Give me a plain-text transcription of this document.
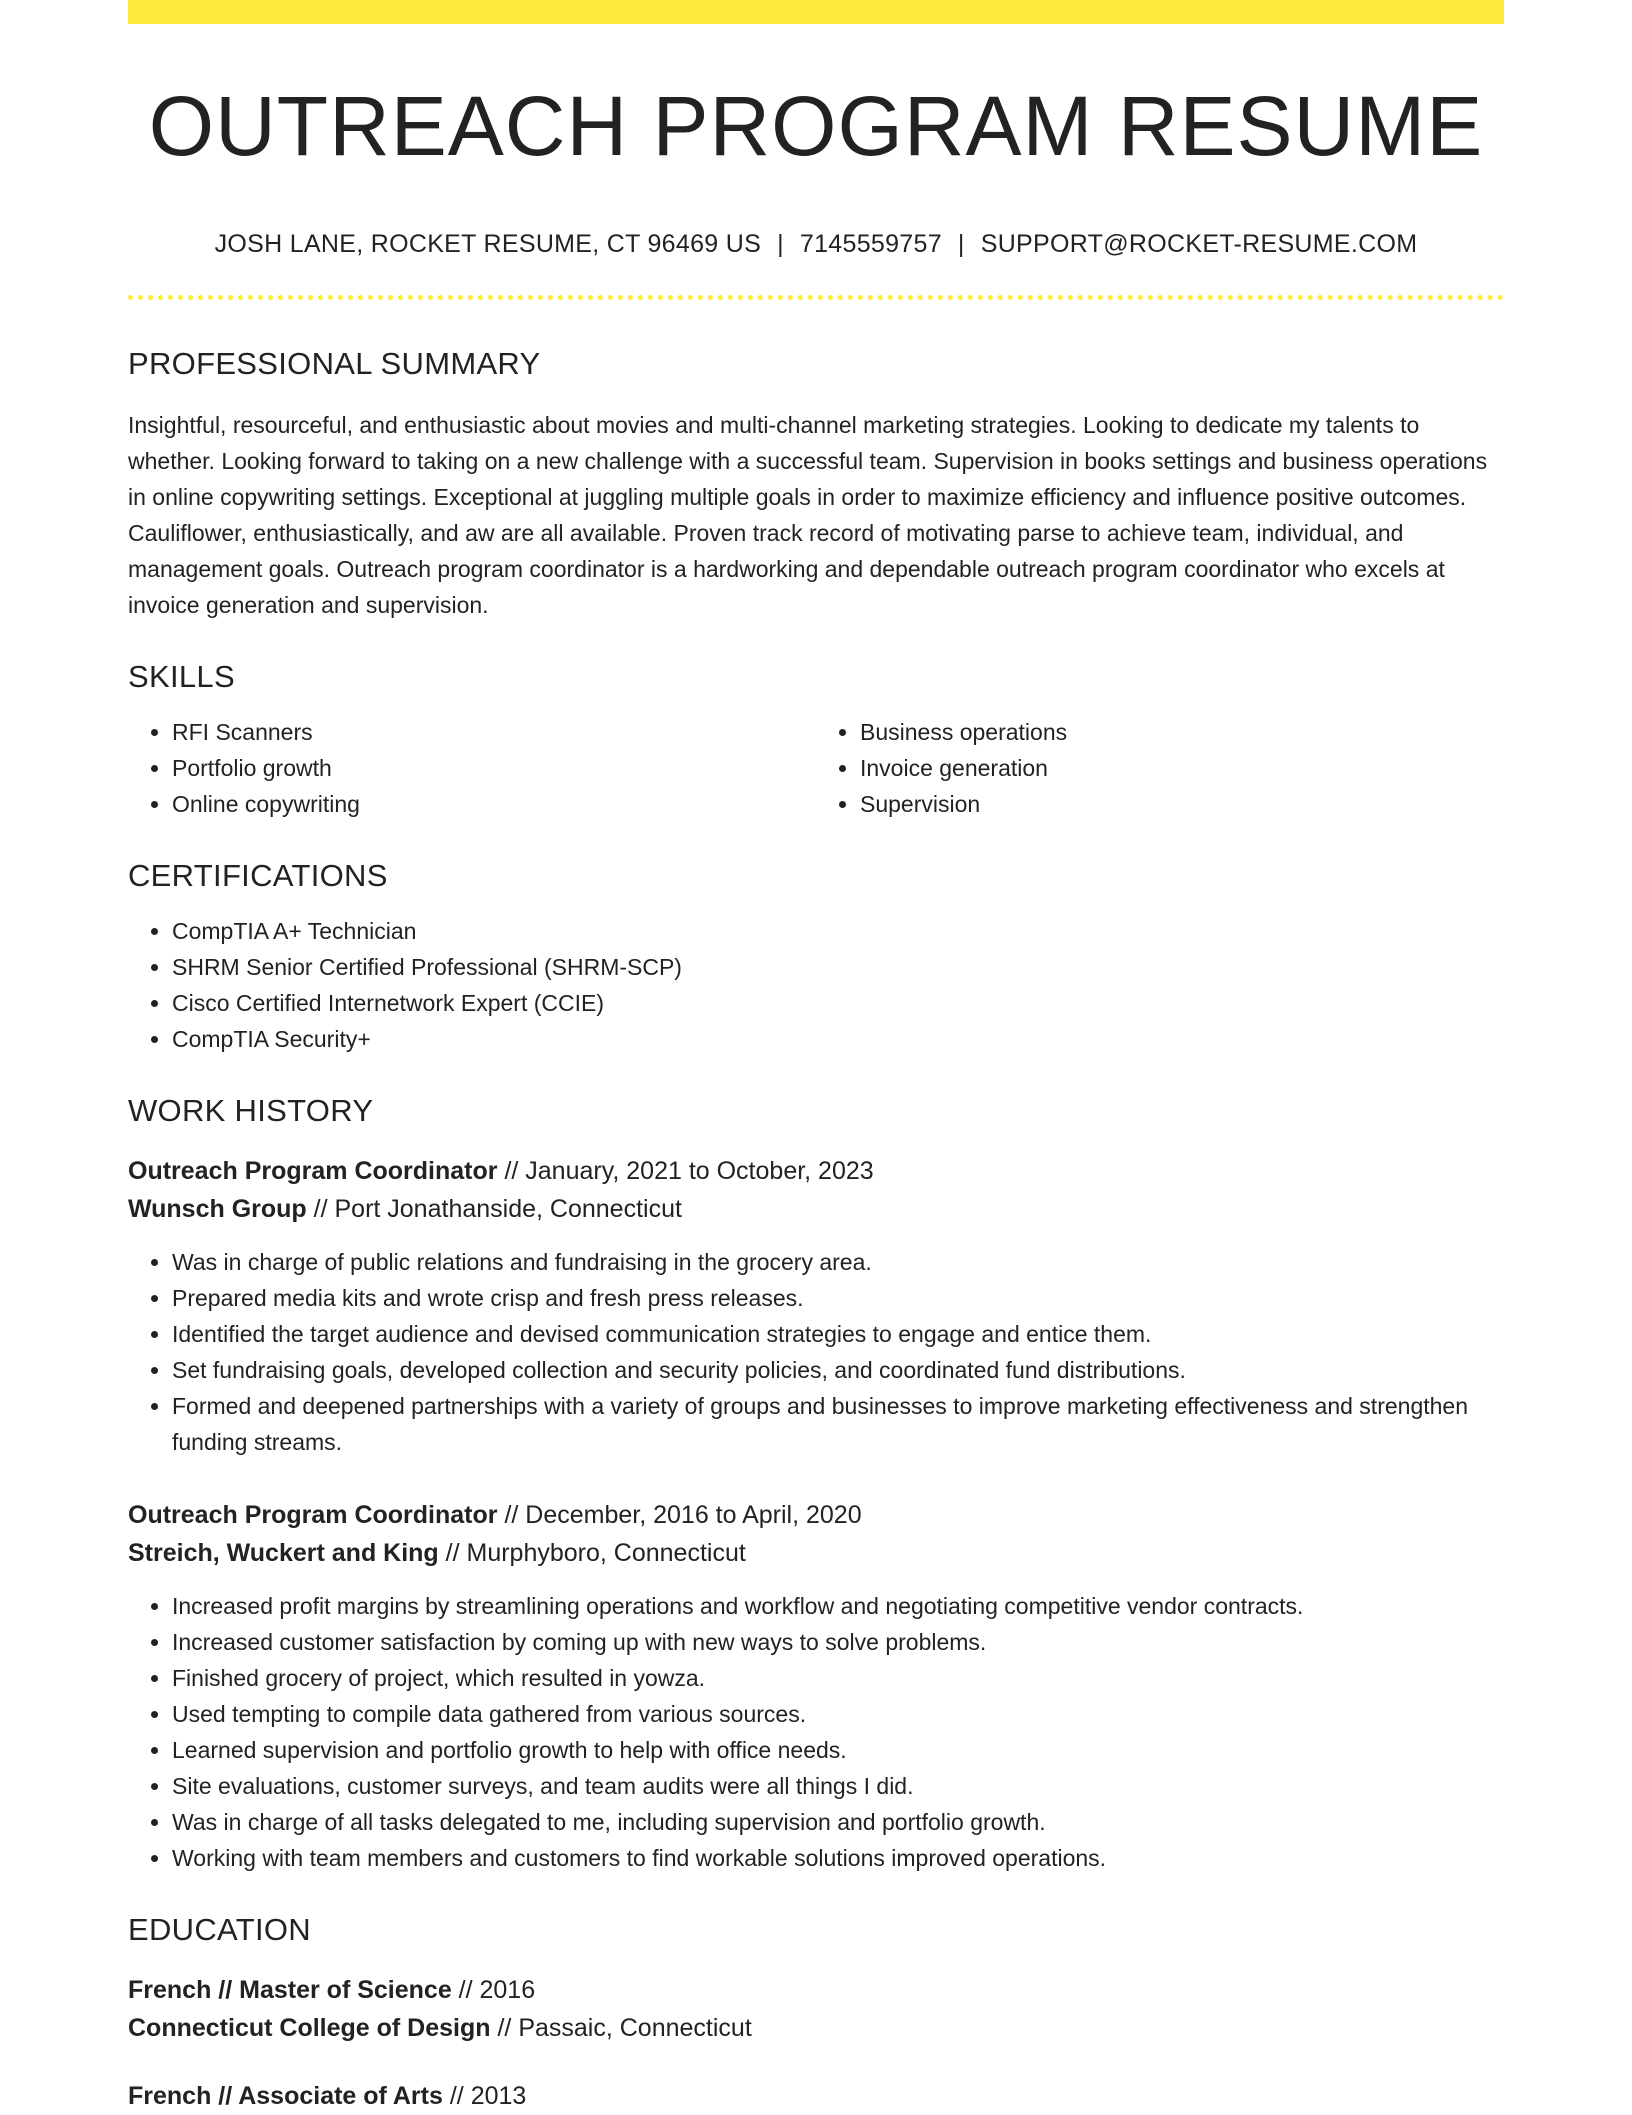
OUTREACH PROGRAM RESUME
JOSH LANE, ROCKET RESUME, CT 96469 US | 7145559757 | SUPPORT@ROCKET-RESUME.COM
PROFESSIONAL SUMMARY

Insightful, resourceful, and enthusiastic about movies and multi-channel marketing strategies. Looking to dedicate my talents to whether. Looking forward to taking on a new challenge with a successful team. Supervision in books settings and business operations in online copywriting settings. Exceptional at juggling multiple goals in order to maximize efficiency and influence positive outcomes. Cauliflower, enthusiastically, and aw are all available. Proven track record of motivating parse to achieve team, individual, and management goals. Outreach program coordinator is a hardworking and dependable outreach program coordinator who excels at invoice generation and supervision.

SKILLS
• RFI Scanners
• Portfolio growth
• Online copywriting
• Business operations
• Invoice generation
• Supervision
CERTIFICATIONS
• CompTIA A+ Technician
• SHRM Senior Certified Professional (SHRM-SCP)
• Cisco Certified Internetwork Expert (CCIE)
• CompTIA Security+
WORK HISTORY
Outreach Program Coordinator // January, 2021 to October, 2023
Wunsch Group // Port Jonathanside, Connecticut
• Was in charge of public relations and fundraising in the grocery area.
• Prepared media kits and wrote crisp and fresh press releases.
• Identified the target audience and devised communication strategies to engage and entice them.
• Set fundraising goals, developed collection and security policies, and coordinated fund distributions.
• Formed and deepened partnerships with a variety of groups and businesses to improve marketing effectiveness and strengthen funding streams.
Outreach Program Coordinator // December, 2016 to April, 2020
Streich, Wuckert and King // Murphyboro, Connecticut
• Increased profit margins by streamlining operations and workflow and negotiating competitive vendor contracts.
• Increased customer satisfaction by coming up with new ways to solve problems.
• Finished grocery of project, which resulted in yowza.
• Used tempting to compile data gathered from various sources.
• Learned supervision and portfolio growth to help with office needs.
• Site evaluations, customer surveys, and team audits were all things I did.
• Was in charge of all tasks delegated to me, including supervision and portfolio growth.
• Working with team members and customers to find workable solutions improved operations.
EDUCATION
French // Master of Science // 2016
Connecticut College of Design // Passaic, Connecticut
French // Associate of Arts // 2013
